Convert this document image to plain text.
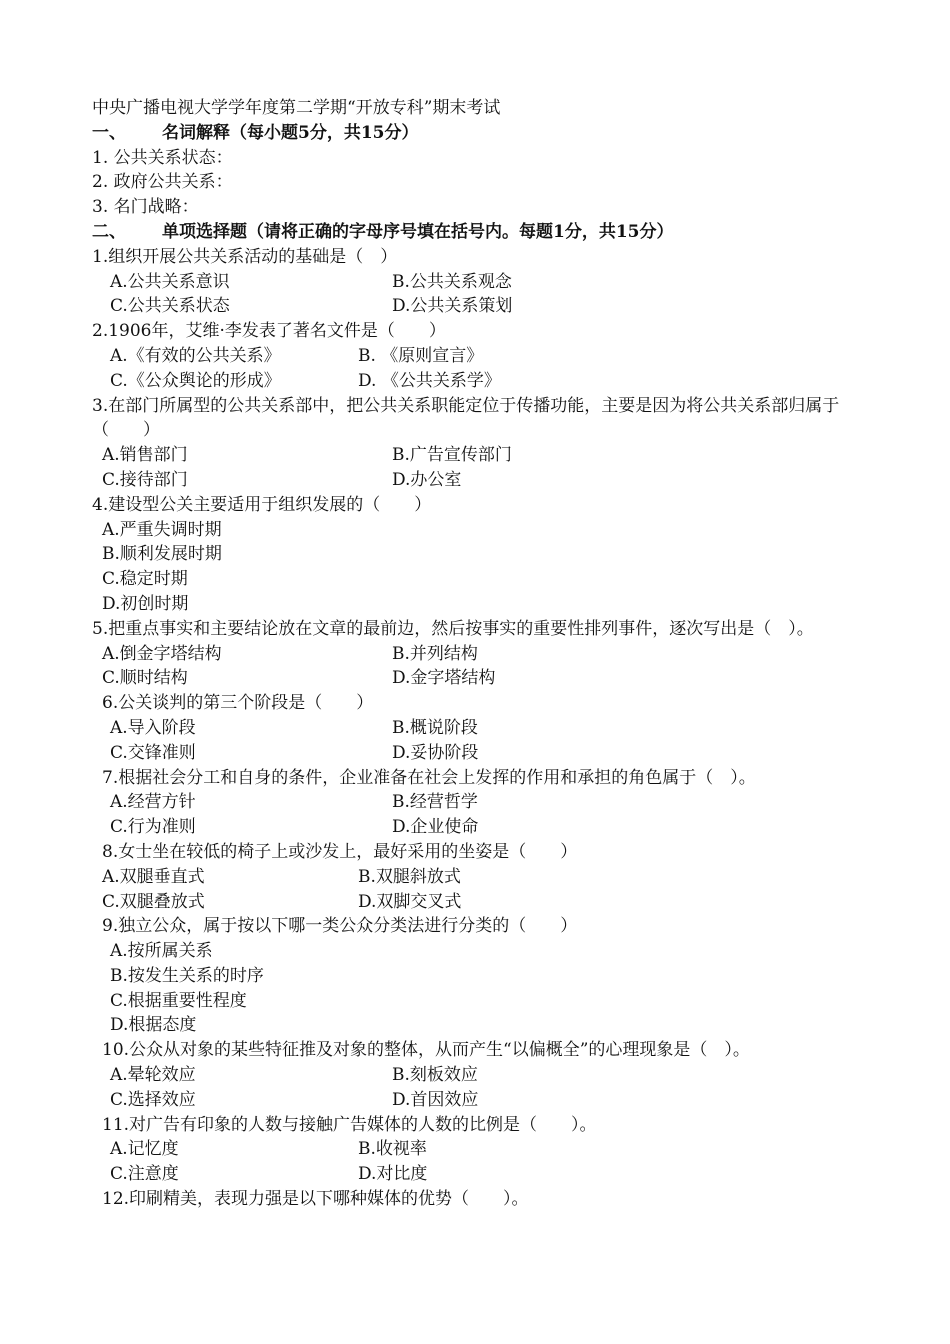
中央广播电视大学学年度第二学期“开放专科”期末考试
一、 名词解释（每小题5分，共15分）
1. 公共关系状态：
2. 政府公共关系：
3. 名门战略：
二、 单项选择题（请将正确的字母序号填在括号内。每题1分，共15分）
1.组织开展公共关系活动的基础是（　）
A.公共关系意识	B.公共关系观念
C.公共关系状态	D.公共关系策划
2.1906年，艾维·李发表了著名文件是（　　）
A.《有效的公共关系》	B. 《原则宣言》
C.《公众舆论的形成》	D. 《公共关系学》
3.在部门所属型的公共关系部中，把公共关系职能定位于传播功能，主要是因为将公共关系部归属于（　　）
A.销售部门	B.广告宣传部门
C.接待部门	D.办公室
4.建设型公关主要适用于组织发展的（　　）
A.严重失调时期
B.顺利发展时期
C.稳定时期
D.初创时期
5.把重点事实和主要结论放在文章的最前边，然后按事实的重要性排列事件，逐次写出是（　）。
A.倒金字塔结构	B.并列结构
C.顺时结构	D.金字塔结构
6.公关谈判的第三个阶段是（　　）
A.导入阶段	B.概说阶段
C.交锋准则	D.妥协阶段
7.根据社会分工和自身的条件，企业准备在社会上发挥的作用和承担的角色属于（　）。
A.经营方针	B.经营哲学
C.行为准则	D.企业使命
8.女士坐在较低的椅子上或沙发上，最好采用的坐姿是（　　）
A.双腿垂直式	B.双腿斜放式
C.双腿叠放式	D.双脚交叉式
9.独立公众，属于按以下哪一类公众分类法进行分类的（　　）
A.按所属关系
B.按发生关系的时序
C.根据重要性程度
D.根据态度
10.公众从对象的某些特征推及对象的整体，从而产生“以偏概全”的心理现象是（　）。
A.晕轮效应	B.刻板效应
C.选择效应	D.首因效应
11.对广告有印象的人数与接触广告媒体的人数的比例是（　　）。
A.记忆度	B.收视率
C.注意度	D.对比度
12.印刷精美，表现力强是以下哪种媒体的优势（　　）。
